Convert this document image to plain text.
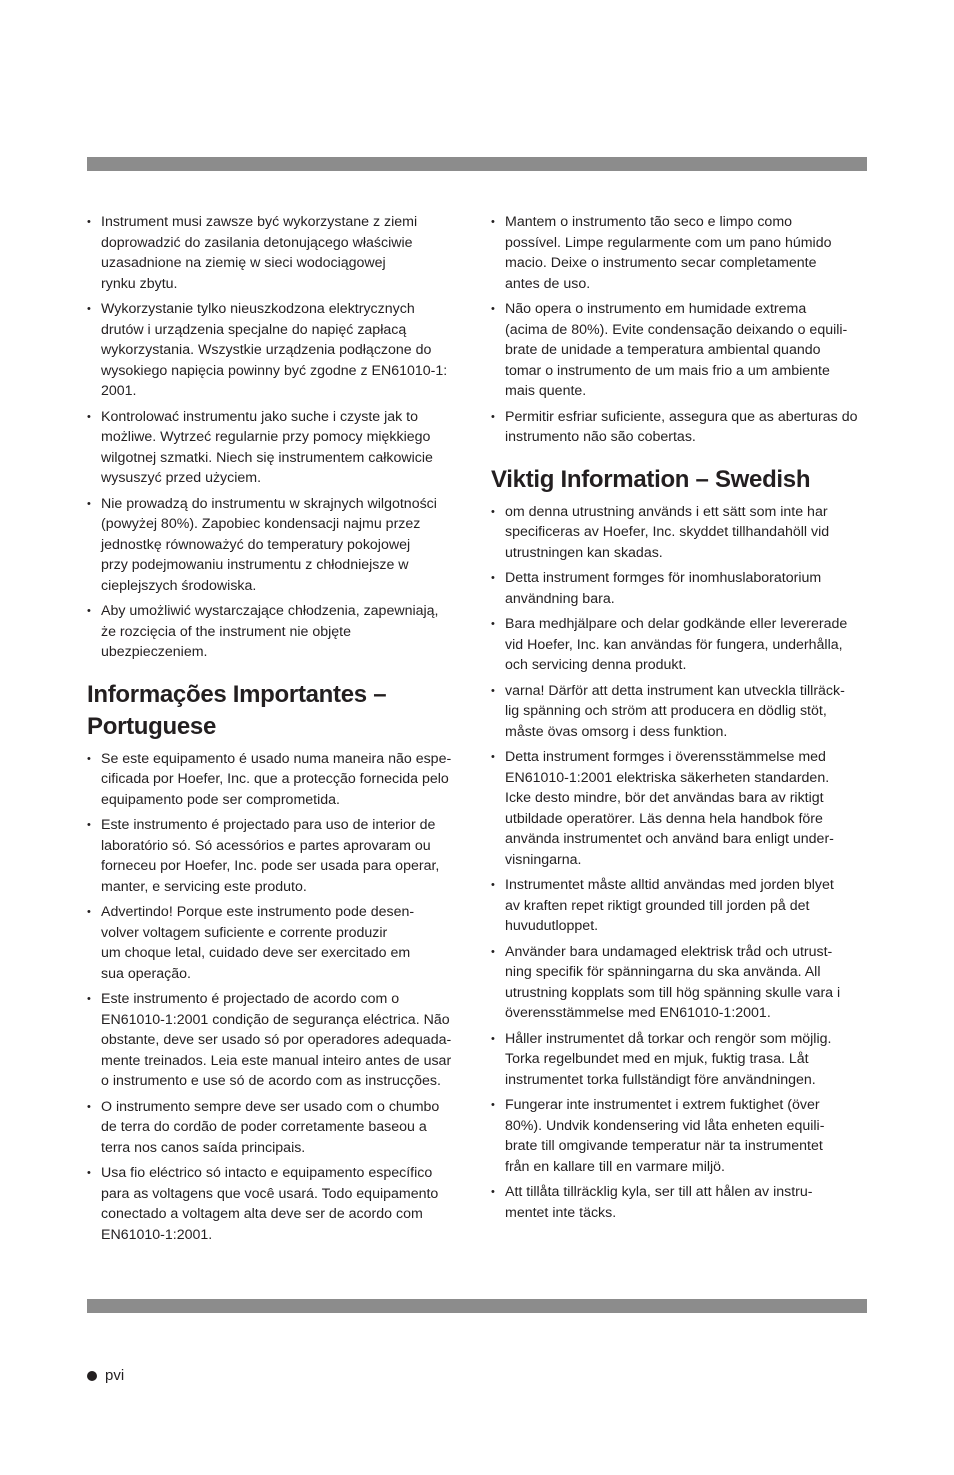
• Instrument musi zawsze być wykorzystane z ziemi
doprowadzić do zasilania detonującego właściwie
uzasadnione na ziemię w sieci wodociągowej
rynku zbytu.
• Wykorzystanie tylko nieuszkodzona elektrycznych
drutów i urządzenia specjalne do napięć zapłacą
wykorzystania. Wszystkie urządzenia podłączone do
wysokiego napięcia powinny być zgodne z EN61010-1:
2001.
• Kontrolować instrumentu jako suche i czyste jak to
możliwe. Wytrzeć regularnie przy pomocy miękkiego
wilgotnej szmatki. Niech się instrumentem całkowicie
wysuszyć przed użyciem.
• Nie prowadzą do instrumentu w skrajnych wilgotności
(powyżej 80%). Zapobiec kondensacji najmu przez
jednostkę równoważyć do temperatury pokojowej
przy podejmowaniu instrumentu z chłodniejsze w
cieplejszych środowiska.
• Aby umożliwić wystarczające chłodzenia, zapewniają,
że rozcięcia of the instrument nie objęte
ubezpieczeniem.
Informações Importantes –
Portuguese
• Se este equipamento é usado numa maneira não espe-
cificada por Hoefer, Inc. que a protecção fornecida pelo
equipamento pode ser comprometida.
• Este instrumento é projectado para uso de interior de
laboratório só. Só acessórios e partes aprovaram ou
forneceu por Hoefer, Inc. pode ser usada para operar,
manter, e servicing este produto.
• Advertindo! Porque este instrumento pode desen-
volver voltagem suficiente e corrente produzir
um choque letal, cuidado deve ser exercitado em
sua operação.
• Este instrumento é projectado de acordo com o
EN61010-1:2001 condição de segurança eléctrica. Não
obstante, deve ser usado só por operadores adequada-
mente treinados. Leia este manual inteiro antes de usar
o instrumento e use só de acordo com as instrucções.
• O instrumento sempre deve ser usado com o chumbo
de terra do cordão de poder corretamente baseou a
terra nos canos saída principais.
• Usa fio eléctrico só intacto e equipamento específico
para as voltagens que você usará. Todo equipamento
conectado a voltagem alta deve ser de acordo com
EN61010-1:2001.
• Mantem o instrumento tão seco e limpo como
possível. Limpe regularmente com um pano húmido
macio. Deixe o instrumento secar completamente
antes de uso.
• Não opera o instrumento em humidade extrema
(acima de 80%). Evite condensação deixando o equili-
brate de unidade a temperatura ambiental quando
tomar o instrumento de um mais frio a um ambiente
mais quente.
• Permitir esfriar suficiente, assegura que as aberturas do
instrumento não são cobertas.
Viktig Information – Swedish
• om denna utrustning används i ett sätt som inte har
specificeras av Hoefer, Inc. skyddet tillhandahöll vid
utrustningen kan skadas.
• Detta instrument formges för inomhuslaboratorium
användning bara.
• Bara medhjälpare och delar godkände eller levererade
vid Hoefer, Inc. kan användas för fungera, underhålla,
och servicing denna produkt.
• varna! Därför att detta instrument kan utveckla tillräck-
lig spänning och ström att producera en dödlig stöt,
måste övas omsorg i dess funktion.
• Detta instrument formges i överensstämmelse med
EN61010-1:2001 elektriska säkerheten standarden.
Icke desto mindre, bör det användas bara av riktigt
utbildade operatörer. Läs denna hela handbok före
använda instrumentet och använd bara enligt under-
visningarna.
• Instrumentet måste alltid användas med jorden blyet
av kraften repet riktigt grounded till jorden på det
huvudutloppet.
• Använder bara undamaged elektrisk tråd och utrust-
ning specifik för spänningarna du ska använda. All
utrustning kopplats som till hög spänning skulle vara i
överensstämmelse med EN61010-1:2001.
• Håller instrumentet då torkar och rengör som möjlig.
Torka regelbundet med en mjuk, fuktig trasa. Låt
instrumentet torka fullständigt före användningen.
• Fungerar inte instrumentet i extrem fuktighet (över
80%). Undvik kondensering vid låta enheten equili-
brate till omgivande temperatur när ta instrumentet
från en kallare till en varmare miljö.
• Att tillåta tillräcklig kyla, ser till att hålen av instru-
mentet inte täcks.
pvi
